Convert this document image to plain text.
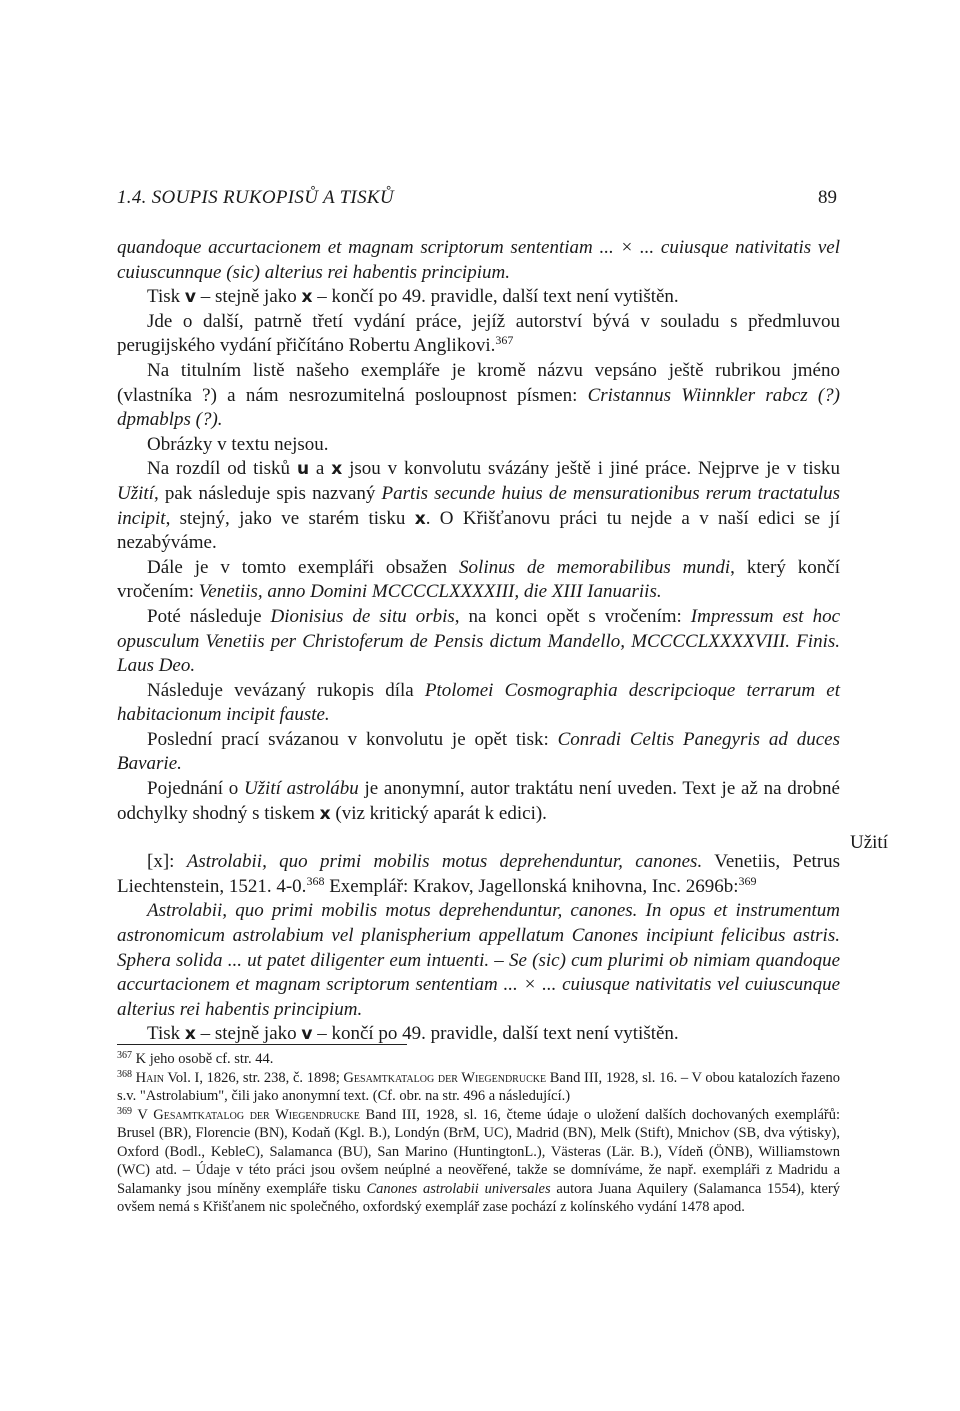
1.4. SOUPIS RUKOPISŮ A TISKŮ	89

quandoque accurtacionem et magnam scriptorum sententiam ... × ... cuiusque nativitatis vel cuiuscunnque (sic) alterius rei habentis principium.

Tisk v – stejně jako x – končí po 49. pravidle, další text není vytištěn.

Jde o další, patrně třetí vydání práce, jejíž autorství bývá v souladu s předmluvou perugijského vydání přičítáno Robertu Anglikovi.$^{367}$

Na titulním listě našeho exempláře je kromě názvu vepsáno ještě rubrikou jméno (vlastníka ?) a nám nesrozumitelná posloupnost písmen: Cristannus Wiinnkler rabcz (?) dpmablps (?).

Obrázky v textu nejsou.

Na rozdíl od tisků u a x jsou v konvolutu svázány ještě i jiné práce. Nejprve je v tisku Užití, pak následuje spis nazvaný Partis secunde huius de mensurationibus rerum tractatulus incipit, stejný, jako ve starém tisku x. O Křišťanovu práci tu nejde a v naší edici se jí nezabýváme.

Dále je v tomto exempláři obsažen Solinus de memorabilibus mundi, který končí vročením: Venetiis, anno Domini MCCCCLXXXXIII, die XIII Ianuariis.

Poté následuje Dionisius de situ orbis, na konci opět s vročením: Impressum est hoc opusculum Venetiis per Christoferum de Pensis dictum Mandello, MCCCCLXXXXVIII. Finis. Laus Deo.

Následuje vevázaný rukopis díla Ptolomei Cosmographia descripcioque terrarum et habitacionum incipit fauste.

Poslední prací svázanou v konvolutu je opět tisk: Conradi Celtis Panegyris ad duces Bavarie.

Pojednání o Užití astrolábu je anonymní, autor traktátu není uveden. Text je až na drobné odchylky shodný s tiskem x (viz kritický aparát k edici).

[x]: Astrolabii, quo primi mobilis motus deprehenduntur, canones. Venetiis, Petrus Liechtenstein, 1521. 4-0.$^{368}$ Exemplář: Krakov, Jagellonská knihovna, Inc. 2696b:$^{369}$

Astrolabii, quo primi mobilis motus deprehenduntur, canones. In opus et instrumentum astronomicum astrolabium vel planispherium appellatum Canones incipiunt felicibus astris. Sphera solida ... ut patet diligenter eum intuenti. – Se (sic) cum plurimi ob nimiam quandoque accurtacionem et magnam scriptorum sententiam ... × ... cuiusque nativitatis vel cuiuscunque alterius rei habentis principium.

Tisk x – stejně jako v – končí po 49. pravidle, další text není vytištěn.

Užití

$^{367}$ K jeho osobě cf. str. 44.

$^{368}$ Hain Vol. I, 1826, str. 238, č. 1898; Gesamtkatalog der Wiegendrucke Band III, 1928, sl. 16. – V obou katalozích řazeno s.v. "Astrolabium", čili jako anonymní text. (Cf. obr. na str. 496 a následující.)

$^{369}$ V Gesamtkatalog der Wiegendrucke Band III, 1928, sl. 16, čteme údaje o uložení dalších dochovaných exemplářů: Brusel (BR), Florencie (BN), Kodaň (Kgl. B.), Londýn (BrM, UC), Madrid (BN), Melk (Stift), Mnichov (SB, dva výtisky), Oxford (Bodl., KebleC), Salamanca (BU), San Marino (HuntingtonL.), Västeras (Lär. B.), Vídeň (ÖNB), Williamstown (WC) atd. – Údaje v této práci jsou ovšem neúplné a neověřené, takže se domníváme, že např. exempláři z Madridu a Salamanky jsou míněny exempláře tisku Canones astrolabii universales autora Juana Aquilery (Salamanca 1554), který ovšem nemá s Křišťanem nic společného, oxfordský exemplář zase pochází z kolínského vydání 1478 apod.
